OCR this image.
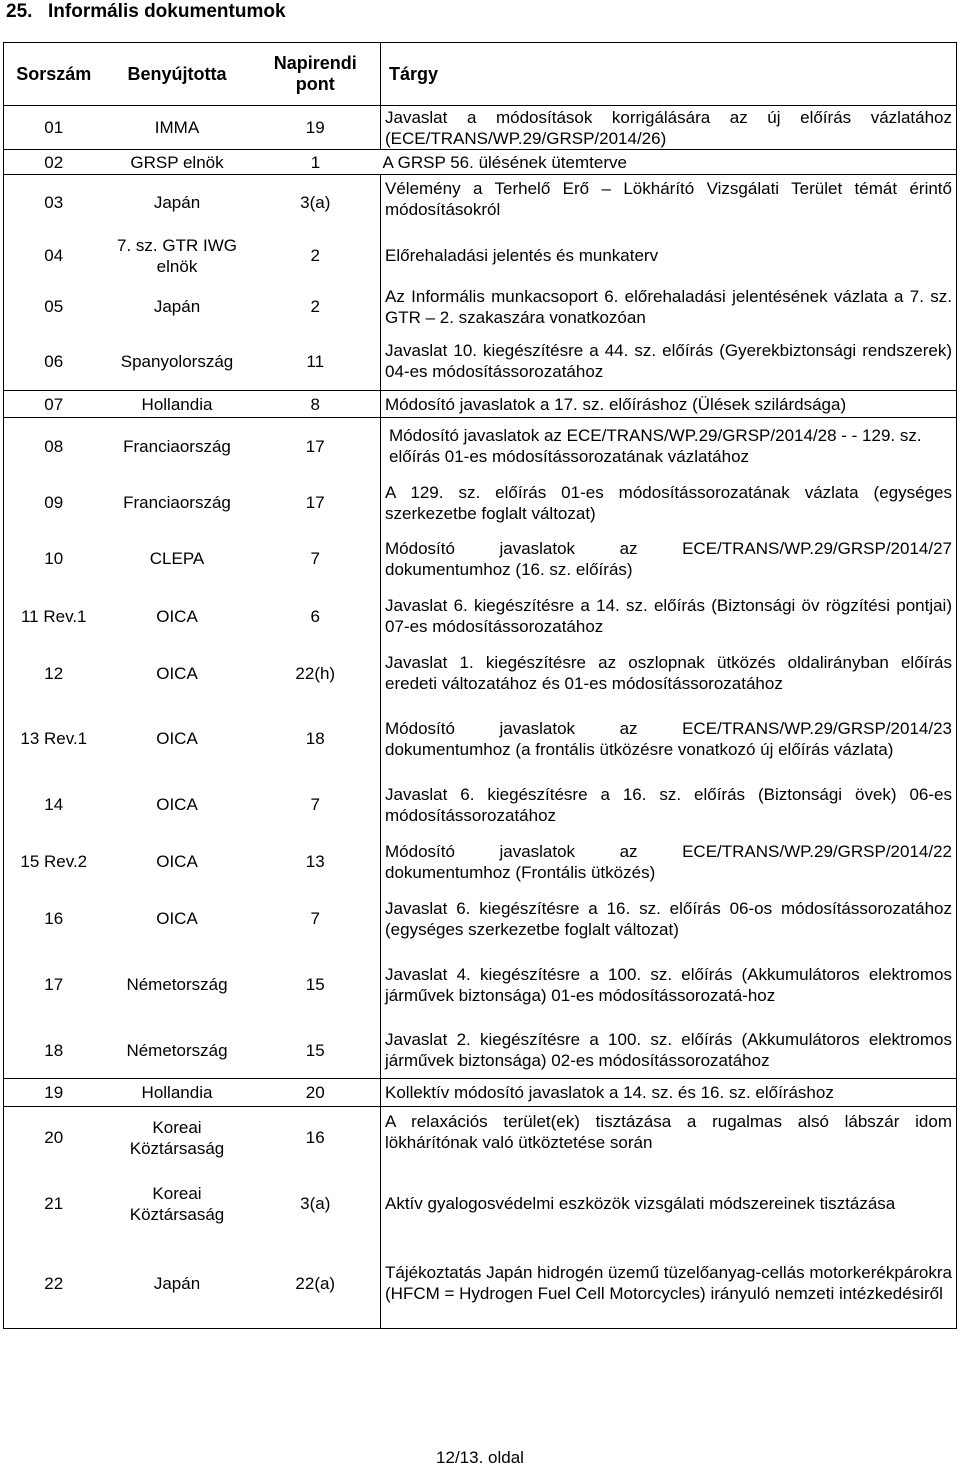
25. Informális dokumentumok
Sorszám	Benyújtotta	Napirendi pont	Tárgy
01	IMMA	19	Javaslat a módosítások korrigálására az új előírás vázlatához (ECE/TRANS/WP.29/GRSP/2014/26)
02	GRSP elnök	1	A GRSP 56. ülésének ütemterve
03	Japán	3(a)	Vélemény a Terhelő Erő – Lökhárító Vizsgálati Terület témát érintő módosításokról
04	7. sz. GTR IWG elnök	2	Előrehaladási jelentés és munkaterv
05	Japán	2	Az Informális munkacsoport 6. előrehaladási jelentésének vázlata a 7. sz. GTR – 2. szakaszára vonatkozóan
06	Spanyolország	11	Javaslat 10. kiegészítésre a 44. sz. előírás (Gyerekbiztonsági rendszerek) 04-es módosítássorozatához
07	Hollandia	8	Módosító javaslatok a 17. sz. előíráshoz (Ülések szilárdsága)
08	Franciaország	17	Módosító javaslatok az ECE/TRANS/WP.29/GRSP/2014/28 - - 129. sz. előírás 01-es módosítássorozatának vázlatához
09	Franciaország	17	A 129. sz. előírás 01-es módosítássorozatának vázlata (egységes szerkezetbe foglalt változat)
10	CLEPA	7	Módosító javaslatok az ECE/TRANS/WP.29/GRSP/2014/27 dokumentumhoz (16. sz. előírás)
11 Rev.1	OICA	6	Javaslat 6. kiegészítésre a 14. sz. előírás (Biztonsági öv rögzítési pontjai) 07-es módosítássorozatához
12	OICA	22(h)	Javaslat 1. kiegészítésre az oszlopnak ütközés oldalirányban előírás eredeti változatához és 01-es módosítássorozatához
13 Rev.1	OICA	18	Módosító javaslatok az ECE/TRANS/WP.29/GRSP/2014/23 dokumentumhoz (a frontális ütközésre vonatkozó új előírás vázlata)
14	OICA	7	Javaslat 6. kiegészítésre a 16. sz. előírás (Biztonsági övek) 06-es módosítássorozatához
15 Rev.2	OICA	13	Módosító javaslatok az ECE/TRANS/WP.29/GRSP/2014/22 dokumentumhoz (Frontális ütközés)
16	OICA	7	Javaslat 6. kiegészítésre a 16. sz. előírás 06-os módosítássorozatához (egységes szerkezetbe foglalt változat)
17	Németország	15	Javaslat 4. kiegészítésre a 100. sz. előírás (Akkumulátoros elektromos járművek biztonsága) 01-es módosítássorozatá-hoz
18	Németország	15	Javaslat 2. kiegészítésre a 100. sz. előírás (Akkumulátoros elektromos járművek biztonsága) 02-es módosítássorozatához
19	Hollandia	20	Kollektív módosító javaslatok a 14. sz. és 16. sz. előíráshoz
20	Koreai Köztársaság	16	A relaxációs terület(ek) tisztázása a rugalmas alsó lábszár idom lökhárítónak való ütköztetése során
21	Koreai Köztársaság	3(a)	Aktív gyalogosvédelmi eszközök vizsgálati módszereinek tisztázása
22	Japán	22(a)	Tájékoztatás Japán hidrogén üzemű tüzelőanyag-cellás motorkerékpárokra (HFCM = Hydrogen Fuel Cell Motorcycles) irányuló nemzeti intézkedésiről
12/13. oldal
